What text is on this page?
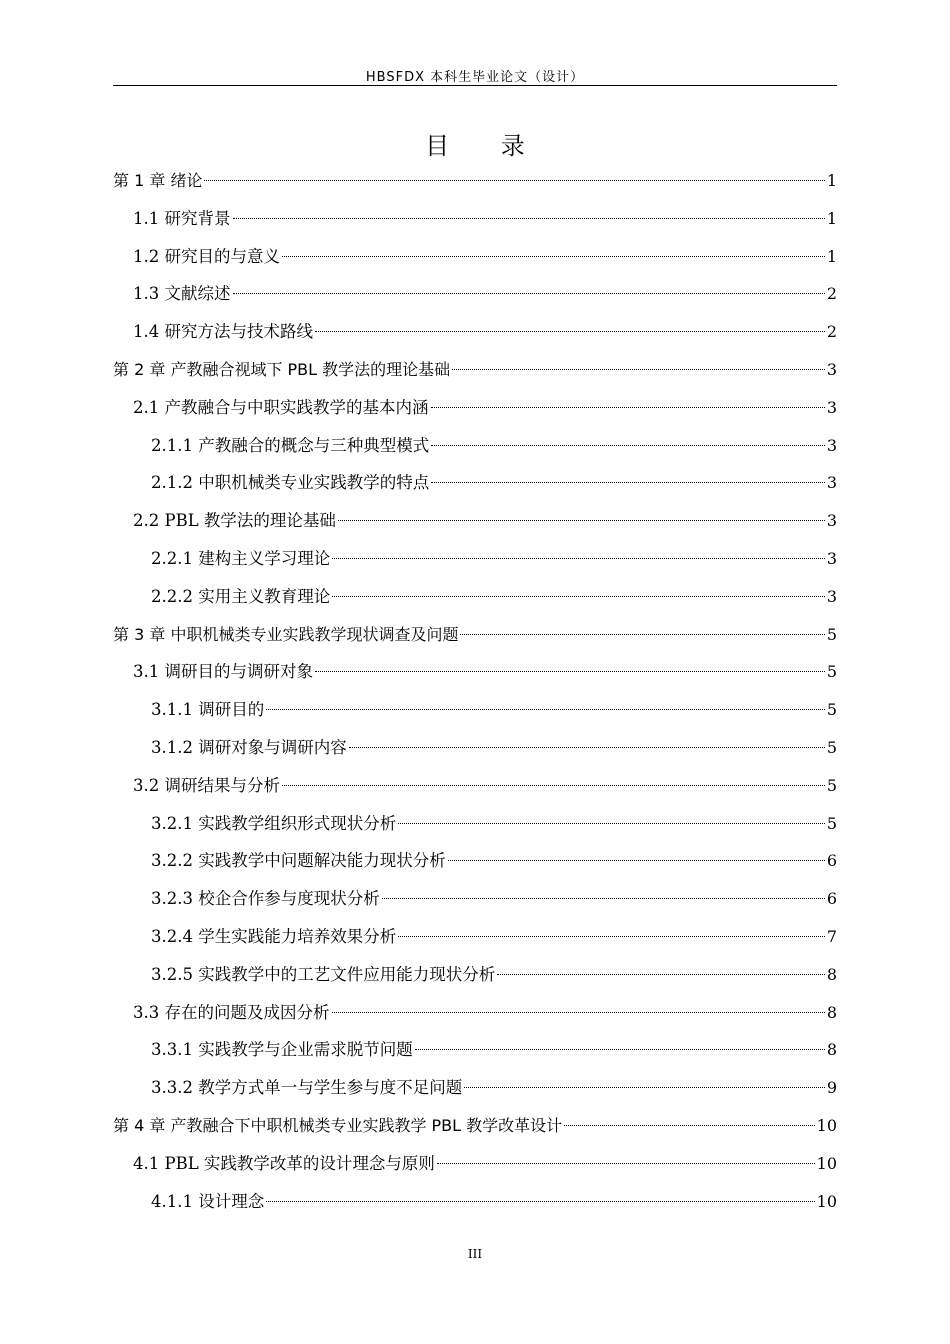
HBSFDX 本科生毕业论文（设计）
目 录
第 1 章 绪论	1
1.1 研究背景	1
1.2 研究目的与意义	1
1.3 文献综述	2
1.4 研究方法与技术路线	2
第 2 章 产教融合视域下 PBL 教学法的理论基础	3
2.1 产教融合与中职实践教学的基本内涵	3
2.1.1 产教融合的概念与三种典型模式	3
2.1.2 中职机械类专业实践教学的特点	3
2.2 PBL 教学法的理论基础	3
2.2.1 建构主义学习理论	3
2.2.2 实用主义教育理论	3
第 3 章 中职机械类专业实践教学现状调查及问题	5
3.1 调研目的与调研对象	5
3.1.1 调研目的	5
3.1.2 调研对象与调研内容	5
3.2 调研结果与分析	5
3.2.1 实践教学组织形式现状分析	5
3.2.2 实践教学中问题解决能力现状分析	6
3.2.3 校企合作参与度现状分析	6
3.2.4 学生实践能力培养效果分析	7
3.2.5 实践教学中的工艺文件应用能力现状分析	8
3.3 存在的问题及成因分析	8
3.3.1 实践教学与企业需求脱节问题	8
3.3.2 教学方式单一与学生参与度不足问题	9
第 4 章 产教融合下中职机械类专业实践教学 PBL 教学改革设计	10
4.1 PBL 实践教学改革的设计理念与原则	10
4.1.1 设计理念	10
III
